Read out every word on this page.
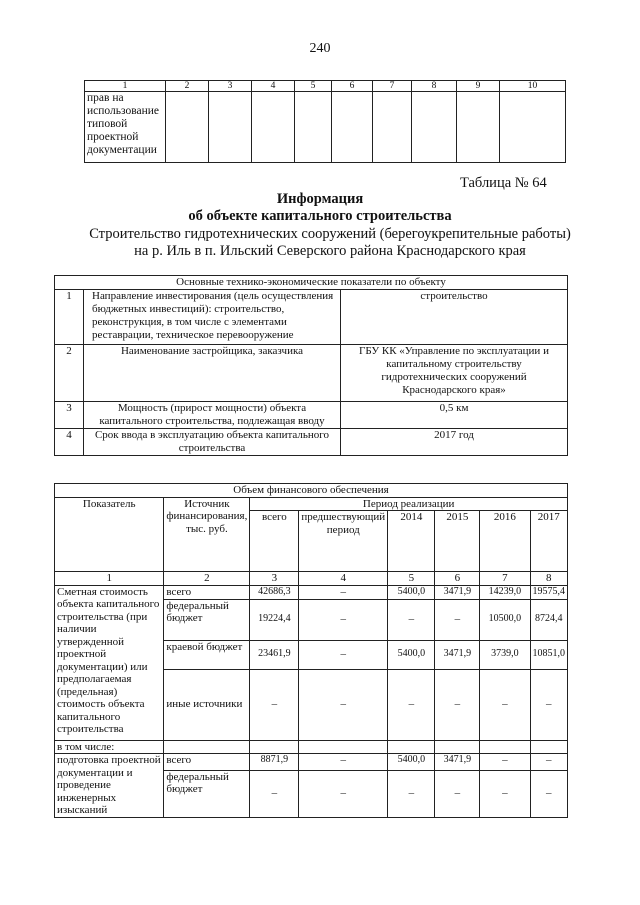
240
1	2	3	4	5	6	7	8	9	10
прав на использование типовой проектной документации									
Таблица № 64
Информация
об объекте капитального строительства
Строительство гидротехнических сооружений (берегоукрепительные работы)
на р. Иль в п. Ильский Северского района Краснодарского края
Основные технико-экономические показатели по объекту		
1	Направление инвестирования (цель осуществления бюджетных инвестиций): строительство, реконструкция, в том числе с элементами реставрации, техническое перевооружение	строительство
2	Наименование застройщика, заказчика	ГБУ КК «Управление по эксплуатации и капитальному строительству гидротехнических сооружений Краснодарского края»
3	Мощность (прирост мощности) объекта капитального строительства, подлежащая вводу	0,5 км
4	Срок ввода в эксплуатацию объекта капитального строительства	2017 год
Объем финансового обеспечения							
Показатель	Источник финансирования, тыс. руб.	Период реализации					
		всего	предшествующий период	2014	2015	2016	2017
1	2	3	4	5	6	7	8
Сметная стоимость объекта капитального строительства (при наличии утвержденной проектной документации) или предполагаемая (предельная) стоимость объекта капитального строительства	всего	42686,3	–	5400,0	3471,9	14239,0	19575,4
	федеральный бюджет	19224,4	–	–	–	10500,0	8724,4
	краевой бюджет	23461,9	–	5400,0	3471,9	3739,0	10851,0
	иные источники	–	–	–	–	–	–
в том числе:							
подготовка проектной документации и проведение инженерных изысканий	всего	8871,9	–	5400,0	3471,9	–	–
	федеральный бюджет	–	–	–	–	–	–
